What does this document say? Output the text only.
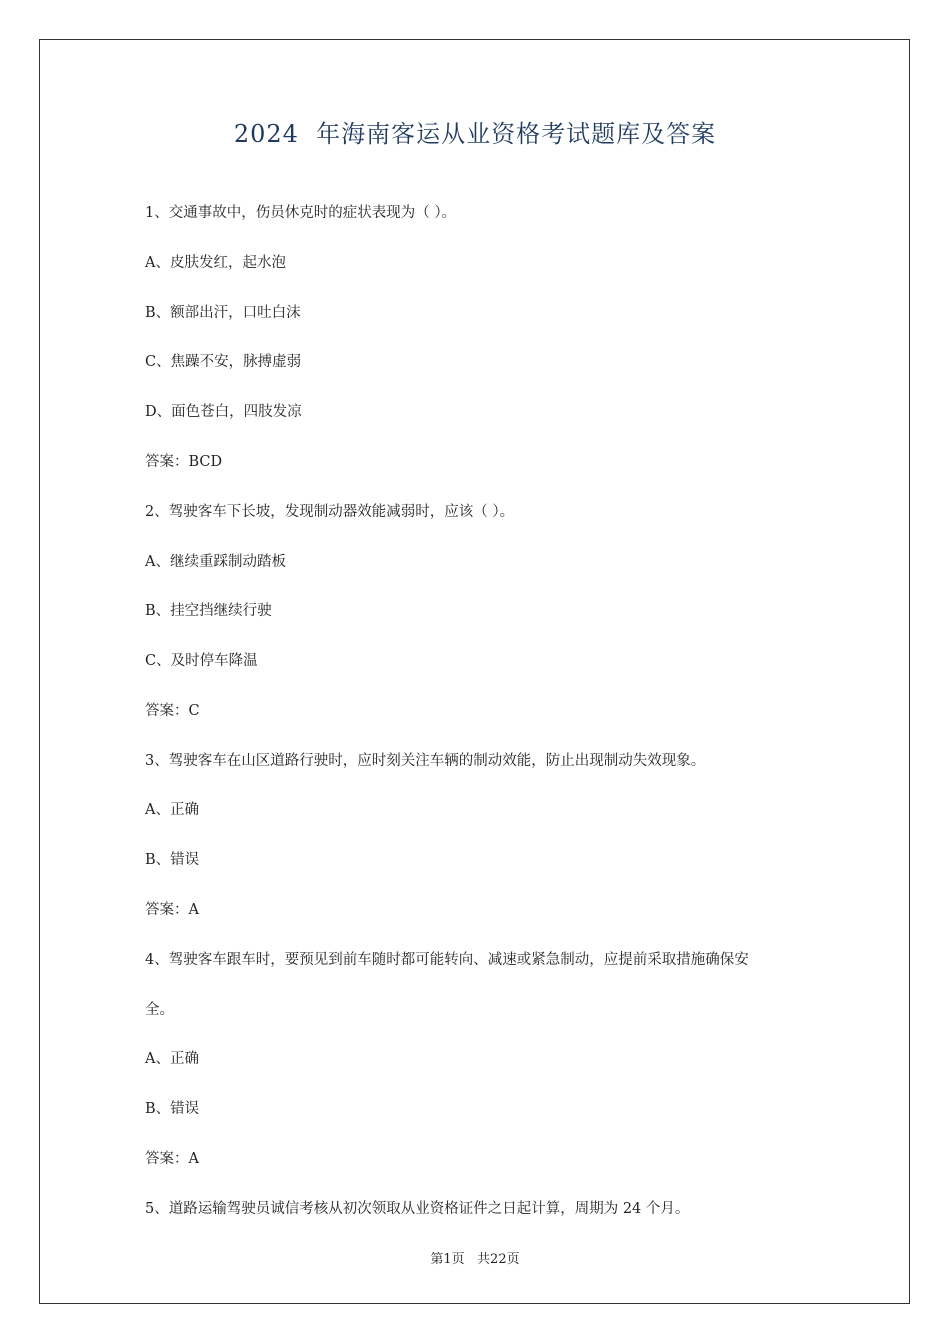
2024  年海南客运从业资格考试题库及答案
1、交通事故中，伤员休克时的症状表现为（ ）。
A、皮肤发红，起水泡
B、额部出汗，口吐白沫
C、焦躁不安，脉搏虚弱
D、面色苍白，四肢发凉
答案：BCD
2、驾驶客车下长坡，发现制动器效能减弱时，应该（ ）。
A、继续重踩制动踏板
B、挂空挡继续行驶
C、及时停车降温
答案：C
3、驾驶客车在山区道路行驶时，应时刻关注车辆的制动效能，防止出现制动失效现象。
A、正确
B、错误
答案：A
4、驾驶客车跟车时，要预见到前车随时都可能转向、减速或紧急制动，应提前采取措施确保安
全。
A、正确
B、错误
答案：A
5、道路运输驾驶员诚信考核从初次领取从业资格证件之日起计算，周期为 24 个月。
第1页   共22页
